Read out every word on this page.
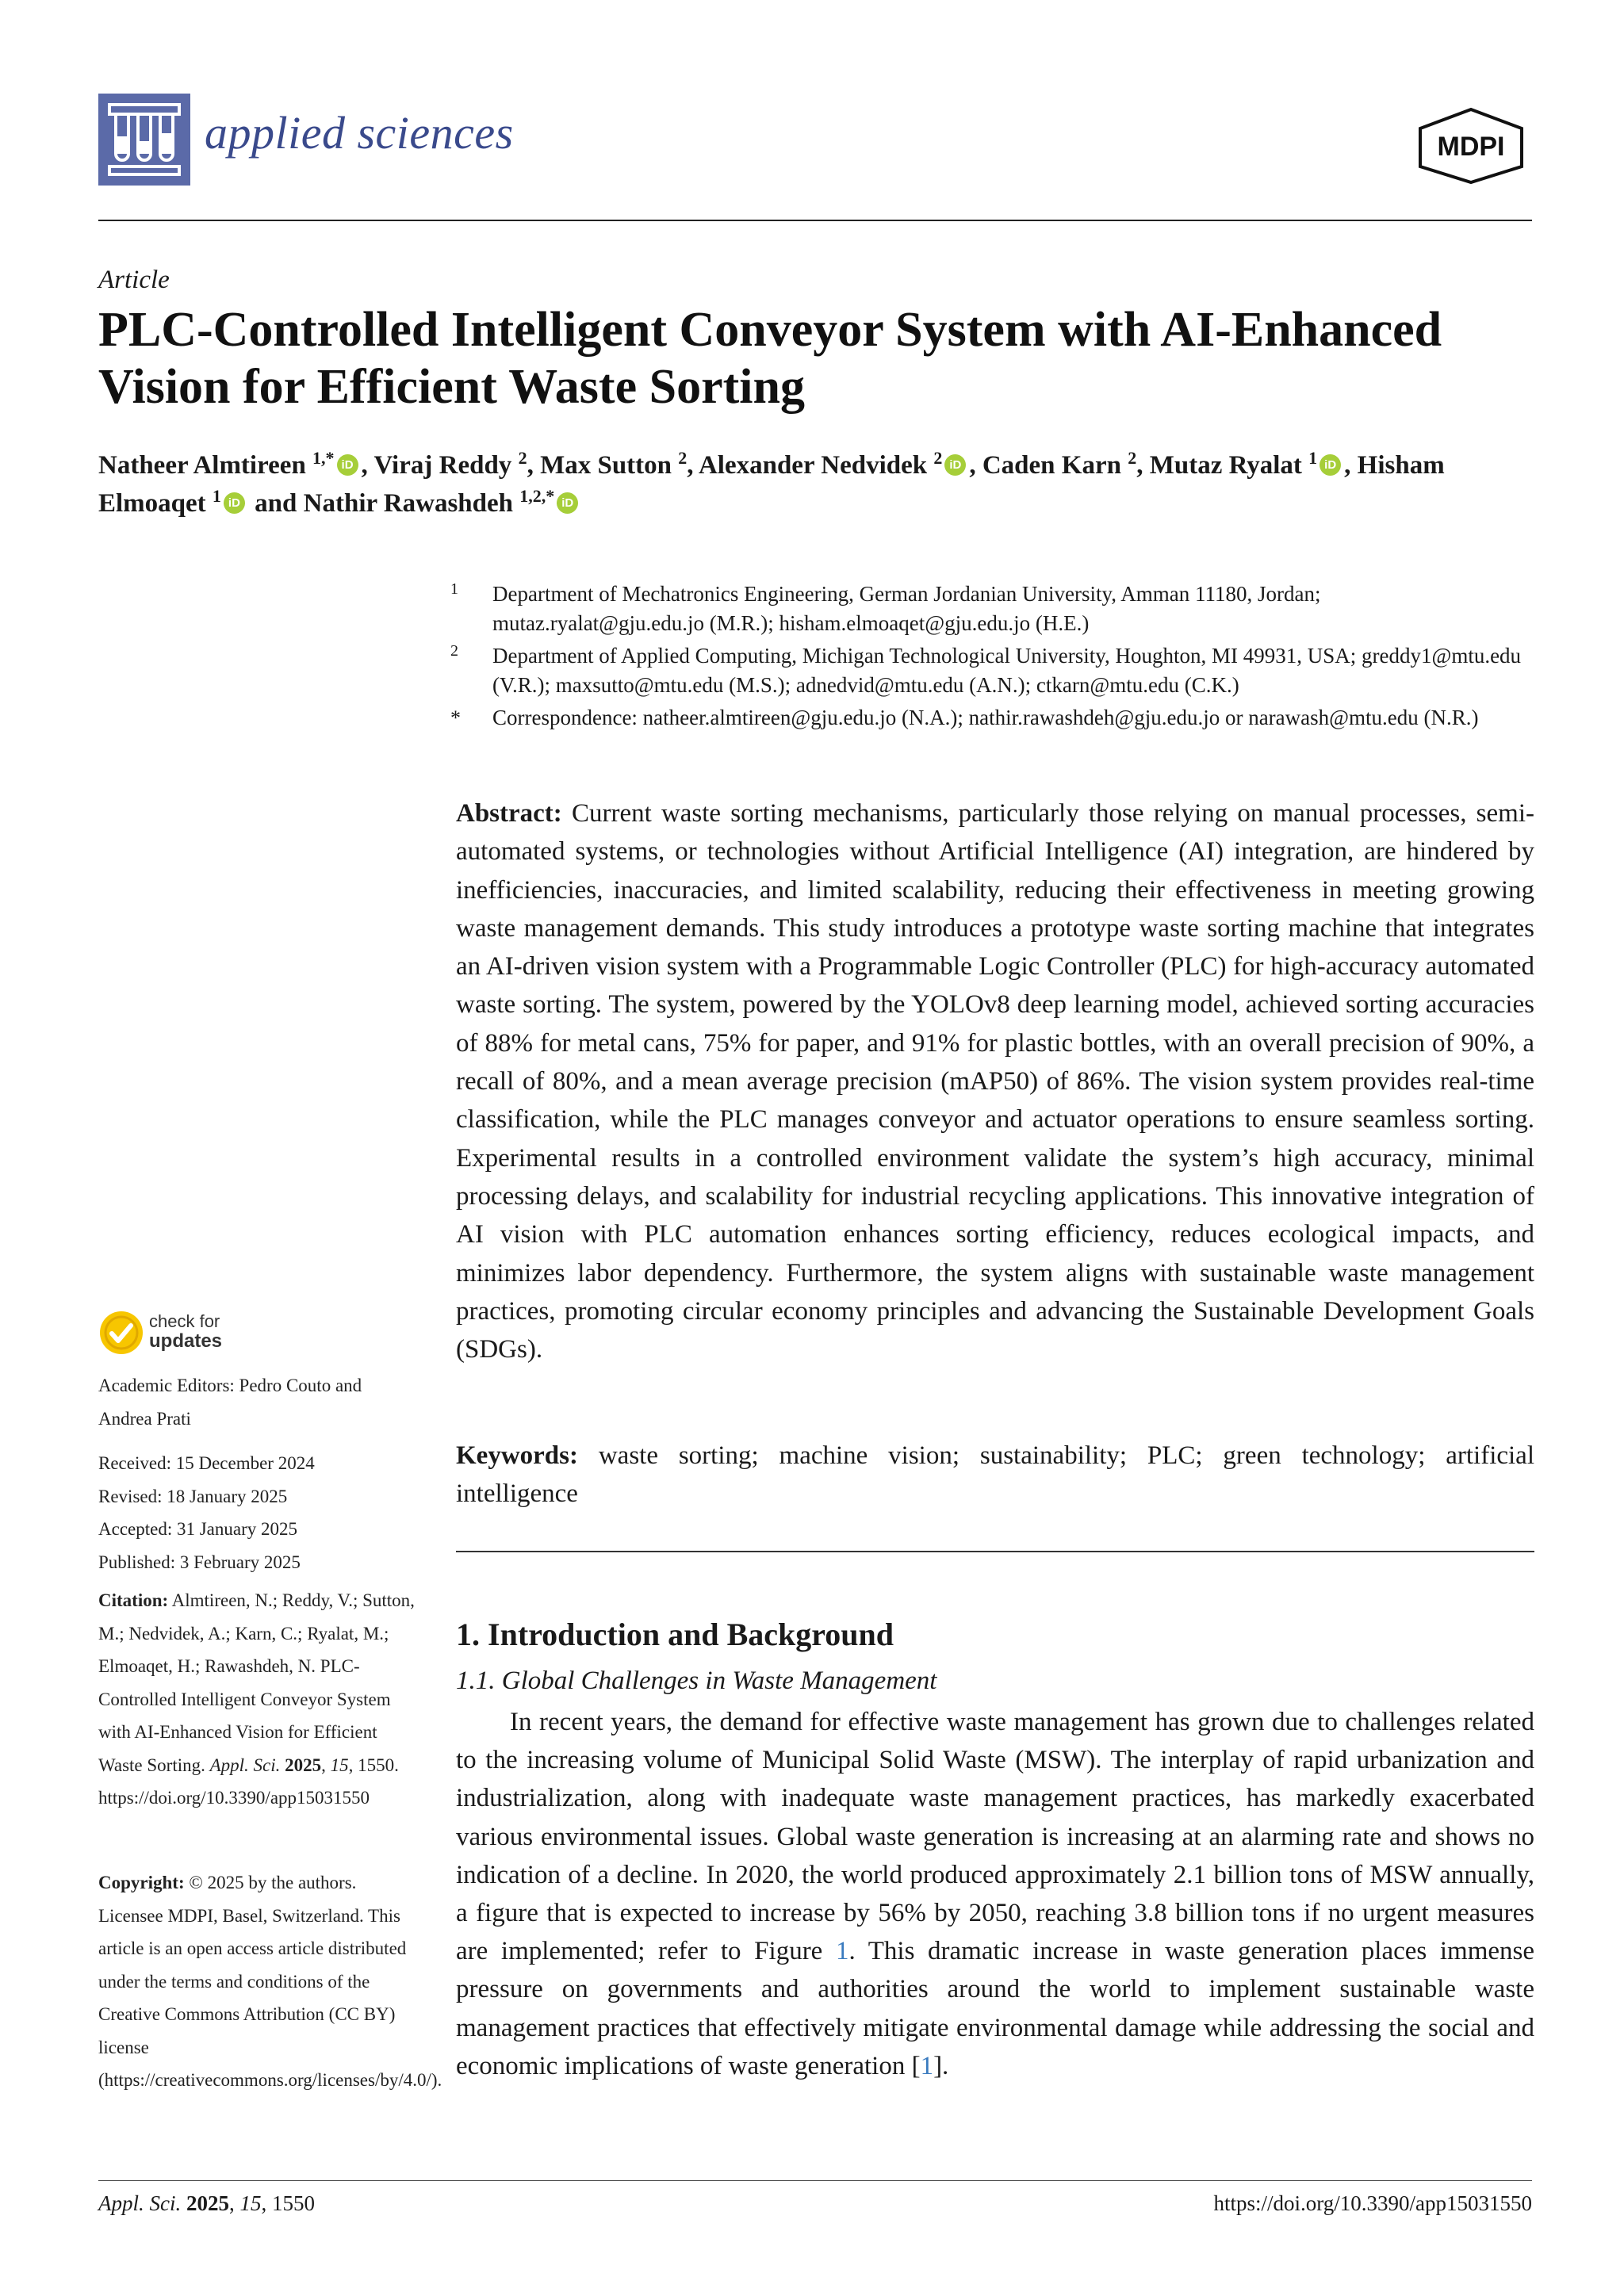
applied sciences	MDPI
Article
PLC-Controlled Intelligent Conveyor System with AI-Enhanced Vision for Efficient Waste Sorting
Natheer Almtireen $^{1,*}$ iD , Viraj Reddy $^2$, Max Sutton $^2$, Alexander Nedvidek $^2$ iD , Caden Karn $^2$, Mutaz Ryalat $^1$ iD , Hisham Elmoaqet $^1$ iD and Nathir Rawashdeh $^{1,2,*}$ iD
1 Department of Mechatronics Engineering, German Jordanian University, Amman 11180, Jordan; mutaz.ryalat@gju.edu.jo (M.R.); hisham.elmoaqet@gju.edu.jo (H.E.)
2 Department of Applied Computing, Michigan Technological University, Houghton, MI 49931, USA; greddy1@mtu.edu (V.R.); maxsutto@mtu.edu (M.S.); adnedvid@mtu.edu (A.N.); ctkarn@mtu.edu (C.K.)
* Correspondence: natheer.almtireen@gju.edu.jo (N.A.); nathir.rawashdeh@gju.edu.jo or narawash@mtu.edu (N.R.)
Abstract: Current waste sorting mechanisms, particularly those relying on manual processes, semi-automated systems, or technologies without Artificial Intelligence (AI) integration, are hindered by inefficiencies, inaccuracies, and limited scalability, reducing their effectiveness in meeting growing waste management demands. This study introduces a prototype waste sorting machine that integrates an AI-driven vision system with a Programmable Logic Controller (PLC) for high-accuracy automated waste sorting. The system, powered by the YOLOv8 deep learning model, achieved sorting accuracies of 88% for metal cans, 75% for paper, and 91% for plastic bottles, with an overall precision of 90%, a recall of 80%, and a mean average precision (mAP50) of 86%. The vision system provides real-time classification, while the PLC manages conveyor and actuator operations to ensure seamless sorting. Experimental results in a controlled environment validate the system’s high accuracy, minimal processing delays, and scalability for industrial recycling applications. This innovative integration of AI vision with PLC automation enhances sorting efficiency, reduces ecological impacts, and minimizes labor dependency. Furthermore, the system aligns with sustainable waste management practices, promoting circular economy principles and advancing the Sustainable Development Goals (SDGs).
Keywords: waste sorting; machine vision; sustainability; PLC; green technology; artificial intelligence
1. Introduction and Background
1.1. Global Challenges in Waste Management

In recent years, the demand for effective waste management has grown due to challenges related to the increasing volume of Municipal Solid Waste (MSW). The interplay of rapid urbanization and industrialization, along with inadequate waste management practices, has markedly exacerbated various environmental issues. Global waste generation is increasing at an alarming rate and shows no indication of a decline. In 2020, the world produced approximately 2.1 billion tons of MSW annually, a figure that is expected to increase by 56% by 2050, reaching 3.8 billion tons if no urgent measures are implemented; refer to Figure 1. This dramatic increase in waste generation places immense pressure on governments and authorities around the world to implement sustainable waste management practices that effectively mitigate environmental damage while addressing the social and economic implications of waste generation [1].

check for
updates
Academic Editors: Pedro Couto and Andrea Prati
Received: 15 December 2024
Revised: 18 January 2025
Accepted: 31 January 2025
Published: 3 February 2025
Citation: Almtireen, N.; Reddy, V.; Sutton, M.; Nedvidek, A.; Karn, C.; Ryalat, M.; Elmoaqet, H.; Rawashdeh, N. PLC-Controlled Intelligent Conveyor System with AI-Enhanced Vision for Efficient Waste Sorting. Appl. Sci. 2025, 15, 1550. https://doi.org/10.3390/app15031550
Copyright: © 2025 by the authors. Licensee MDPI, Basel, Switzerland. This article is an open access article distributed under the terms and conditions of the Creative Commons Attribution (CC BY) license (https://creativecommons.org/licenses/by/4.0/).
Appl. Sci. 2025, 15, 1550	https://doi.org/10.3390/app15031550
